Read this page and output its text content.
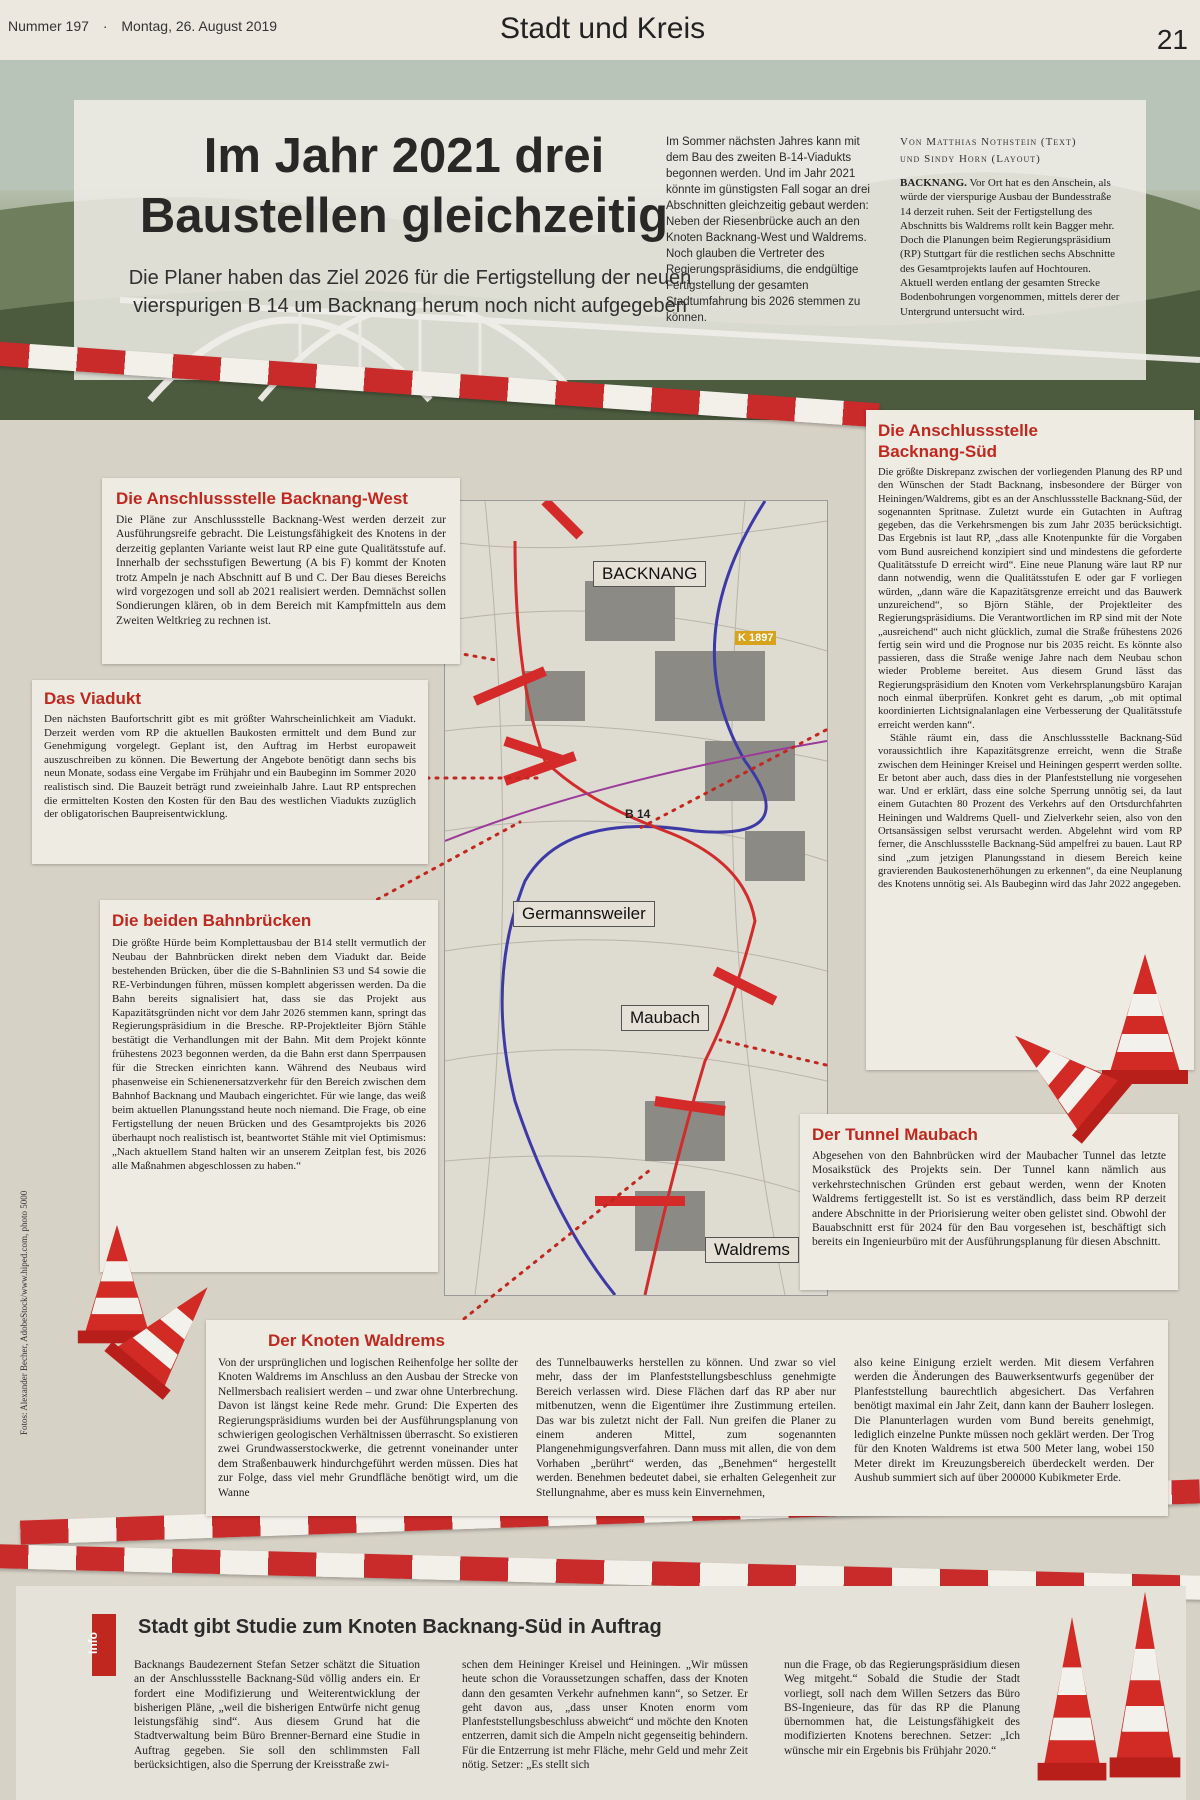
Nummer 197 · Montag, 26. August 2019	Stadt und Kreis	21
Im Jahr 2021 drei
Baustellen gleichzeitig
Die Planer haben das Ziel 2026 für die Fertigstellung der neuen
vierspurigen B 14 um Backnang herum noch nicht aufgegeben
Im Sommer nächsten Jahres kann mit dem Bau des zweiten B-14-Viadukts begonnen werden. Und im Jahr 2021 könnte im günstigsten Fall sogar an drei Abschnitten gleichzeitig gebaut werden: Neben der Riesenbrücke auch an den Knoten Backnang-West und Waldrems. Noch glauben die Vertreter des Regierungspräsidiums, die endgültige Fertigstellung der gesamten Stadtumfahrung bis 2026 stemmen zu können.
Von Matthias Nothstein (Text)
und Sindy Horn (Layout)
BACKNANG. Vor Ort hat es den Anschein, als würde der vierspurige Ausbau der Bundesstraße 14 derzeit ruhen. Seit der Fertigstellung des Abschnitts bis Waldrems rollt kein Bagger mehr. Doch die Planungen beim Regierungspräsidium (RP) Stuttgart für die restlichen sechs Abschnitte des Gesamtprojekts laufen auf Hochtouren. Aktuell werden entlang der gesamten Strecke Bodenbohrungen vorgenommen, mittels derer der Untergrund untersucht wird.
BACKNANG
Germannsweiler
Maubach
Waldrems
B 14
K 1897
Die Anschlussstelle Backnang-West

Die Pläne zur Anschlussstelle Backnang-West werden derzeit zur Ausführungsreife gebracht. Die Leistungsfähigkeit des Knotens in der derzeitig geplanten Variante weist laut RP eine gute Qualitätsstufe auf. Innerhalb der sechsstufigen Bewertung (A bis F) kommt der Knoten trotz Ampeln je nach Abschnitt auf B und C. Der Bau dieses Bereichs wird vorgezogen und soll ab 2021 realisiert werden. Demnächst sollen Sondierungen klären, ob in dem Bereich mit Kampfmitteln aus dem Zweiten Weltkrieg zu rechnen ist.

Das Viadukt

Den nächsten Baufortschritt gibt es mit größter Wahrscheinlichkeit am Viadukt. Derzeit werden vom RP die aktuellen Baukosten ermittelt und dem Bund zur Genehmigung vorgelegt. Geplant ist, den Auftrag im Herbst europaweit auszuschreiben zu können. Die Bewertung der Angebote benötigt dann sechs bis neun Monate, sodass eine Vergabe im Frühjahr und ein Baubeginn im Sommer 2020 realistisch sind. Die Bauzeit beträgt rund zweieinhalb Jahre. Laut RP entsprechen die ermittelten Kosten den Kosten für den Bau des westlichen Viadukts zuzüglich der obligatorischen Baupreisentwicklung.

Die beiden Bahnbrücken

Die größte Hürde beim Komplettausbau der B14 stellt vermutlich der Neubau der Bahnbrücken direkt neben dem Viadukt dar. Beide bestehenden Brücken, über die die S-Bahnlinien S3 und S4 sowie die RE-Verbindungen führen, müssen komplett abgerissen werden. Da die Bahn bereits signalisiert hat, dass sie das Projekt aus Kapazitätsgründen nicht vor dem Jahr 2026 stemmen kann, springt das Regierungspräsidium in die Bresche. RP-Projektleiter Björn Stähle bestätigt die Verhandlungen mit der Bahn. Mit dem Projekt könnte frühestens 2023 begonnen werden, da die Bahn erst dann Sperrpausen für die Strecken einrichten kann. Während des Neubaus wird phasenweise ein Schienenersatzverkehr für den Bereich zwischen dem Bahnhof Backnang und Maubach eingerichtet. Für wie lange, das weiß beim aktuellen Planungsstand heute noch niemand. Die Frage, ob eine Fertigstellung der neuen Brücken und des Gesamtprojekts bis 2026 überhaupt noch realistisch ist, beantwortet Stähle mit viel Optimismus: „Nach aktuellem Stand halten wir an unserem Zeitplan fest, bis 2026 alle Maßnahmen abgeschlossen zu haben.“

Die Anschlussstelle
Backnang-Süd

Die größte Diskrepanz zwischen der vorliegenden Planung des RP und den Wünschen der Stadt Backnang, insbesondere der Bürger von Heiningen/Waldrems, gibt es an der Anschlussstelle Backnang-Süd, der sogenannten Spritnase. Zuletzt wurde ein Gutachten in Auftrag gegeben, das die Verkehrsmengen bis zum Jahr 2035 berücksichtigt. Das Ergebnis ist laut RP, „dass alle Knotenpunkte für die Vorgaben vom Bund ausreichend konzipiert sind und mindestens die geforderte Qualitätsstufe D erreicht wird“. Eine neue Planung wäre laut RP nur dann notwendig, wenn die Qualitätsstufen E oder gar F vorliegen würden, „dann wäre die Kapazitätsgrenze erreicht und das Bauwerk unzureichend“, so Björn Stähle, der Projektleiter des Regierungspräsidiums. Die Verantwortlichen im RP sind mit der Note „ausreichend“ auch nicht glücklich, zumal die Straße frühestens 2026 fertig sein wird und die Prognose nur bis 2035 reicht. Es könnte also passieren, dass die Straße wenige Jahre nach dem Neubau schon wieder Probleme bereitet. Aus diesem Grund lässt das Regierungspräsidium den Knoten vom Verkehrsplanungsbüro Karajan noch einmal überprüfen. Konkret geht es darum, „ob mit optimal koordinierten Lichtsignalanlagen eine Verbesserung der Qualitätsstufe erreicht werden kann“.

Stähle räumt ein, dass die Anschlussstelle Backnang-Süd voraussichtlich ihre Kapazitätsgrenze erreicht, wenn die Straße zwischen dem Heininger Kreisel und Heiningen gesperrt werden sollte. Er betont aber auch, dass dies in der Planfeststellung nie vorgesehen war. Und er erklärt, dass eine solche Sperrung unnötig sei, da laut einem Gutachten 80 Prozent des Verkehrs auf den Ortsdurchfahrten Heiningen und Waldrems Quell- und Zielverkehr seien, also von den Ortsansässigen selbst verursacht werden. Abgelehnt wird vom RP ferner, die Anschlussstelle Backnang-Süd ampelfrei zu bauen. Laut RP sind „zum jetzigen Planungsstand in diesem Bereich keine gravierenden Baukostenerhöhungen zu erkennen“, da eine Neuplanung des Knotens unnötig sei. Als Baubeginn wird das Jahr 2022 angegeben.

Der Tunnel Maubach

Abgesehen von den Bahnbrücken wird der Maubacher Tunnel das letzte Mosaikstück des Projekts sein. Der Tunnel kann nämlich aus verkehrstechnischen Gründen erst gebaut werden, wenn der Knoten Waldrems fertiggestellt ist. So ist es verständlich, dass beim RP derzeit andere Abschnitte in der Priorisierung weiter oben gelistet sind. Obwohl der Bauabschnitt erst für 2024 für den Bau vorgesehen ist, beschäftigt sich bereits ein Ingenieurbüro mit der Ausführungsplanung für diesen Abschnitt.

Der Knoten Waldrems

Von der ursprünglichen und logischen Reihenfolge her sollte der Knoten Waldrems im Anschluss an den Ausbau der Strecke von Nellmersbach realisiert werden – und zwar ohne Unterbrechung. Davon ist längst keine Rede mehr. Grund: Die Experten des Regierungspräsidiums wurden bei der Ausführungsplanung von schwierigen geologischen Verhältnissen überrascht. So existieren zwei Grundwasserstockwerke, die getrennt voneinander unter dem Straßenbauwerk hindurchgeführt werden müssen. Dies hat zur Folge, dass viel mehr Grundfläche benötigt wird, um die Wanne

des Tunnelbauwerks herstellen zu können. Und zwar so viel mehr, dass der im Planfeststellungsbeschluss genehmigte Bereich verlassen wird. Diese Flächen darf das RP aber nur mitbenutzen, wenn die Eigentümer ihre Zustimmung erteilen. Das war bis zuletzt nicht der Fall. Nun greifen die Planer zu einem anderen Mittel, zum sogenannten Plangenehmigungsverfahren. Dann muss mit allen, die von dem Vorhaben „berührt“ werden, das „Benehmen“ hergestellt werden. Benehmen bedeutet dabei, sie erhalten Gelegenheit zur Stellungnahme, aber es muss kein Einvernehmen,

also keine Einigung erzielt werden. Mit diesem Verfahren werden die Änderungen des Bauwerksentwurfs gegenüber der Planfeststellung baurechtlich abgesichert. Das Verfahren benötigt maximal ein Jahr Zeit, dann kann der Bauherr loslegen. Die Planunterlagen wurden vom Bund bereits genehmigt, lediglich einzelne Punkte müssen noch geklärt werden. Der Trog für den Knoten Waldrems ist etwa 500 Meter lang, wobei 150 Meter direkt im Kreuzungsbereich überdeckelt werden. Der Aushub summiert sich auf über 200000 Kubikmeter Erde.

Fotos: Alexander Becher, AdobeStock/www.hiped.com, photo 5000
Info
Stadt gibt Studie zum Knoten Backnang-Süd in Auftrag
Backnangs Baudezernent Stefan Setzer schätzt die Situation an der Anschlussstelle Backnang-Süd völlig anders ein. Er fordert eine Modifizierung und Weiterentwicklung der bisherigen Pläne, „weil die bisherigen Entwürfe nicht genug leistungsfähig sind“. Aus diesem Grund hat die Stadtverwaltung beim Büro Brenner-Bernard eine Studie in Auftrag gegeben. Sie soll den schlimmsten Fall berücksichtigen, also die Sperrung der Kreisstraße zwi-
schen dem Heininger Kreisel und Heiningen. „Wir müssen heute schon die Voraussetzungen schaffen, dass der Knoten dann den gesamten Verkehr aufnehmen kann“, so Setzer. Er geht davon aus, „dass unser Knoten enorm vom Planfeststellungsbeschluss abweicht“ und möchte den Knoten entzerren, damit sich die Ampeln nicht gegenseitig behindern. Für die Entzerrung ist mehr Fläche, mehr Geld und mehr Zeit nötig. Setzer: „Es stellt sich
nun die Frage, ob das Regierungspräsidium diesen Weg mitgeht.“ Sobald die Studie der Stadt vorliegt, soll nach dem Willen Setzers das Büro BS-Ingenieure, das für das RP die Planung übernommen hat, die Leistungsfähigkeit des modifizierten Knotens berechnen. Setzer: „Ich wünsche mir ein Ergebnis bis Frühjahr 2020.“
